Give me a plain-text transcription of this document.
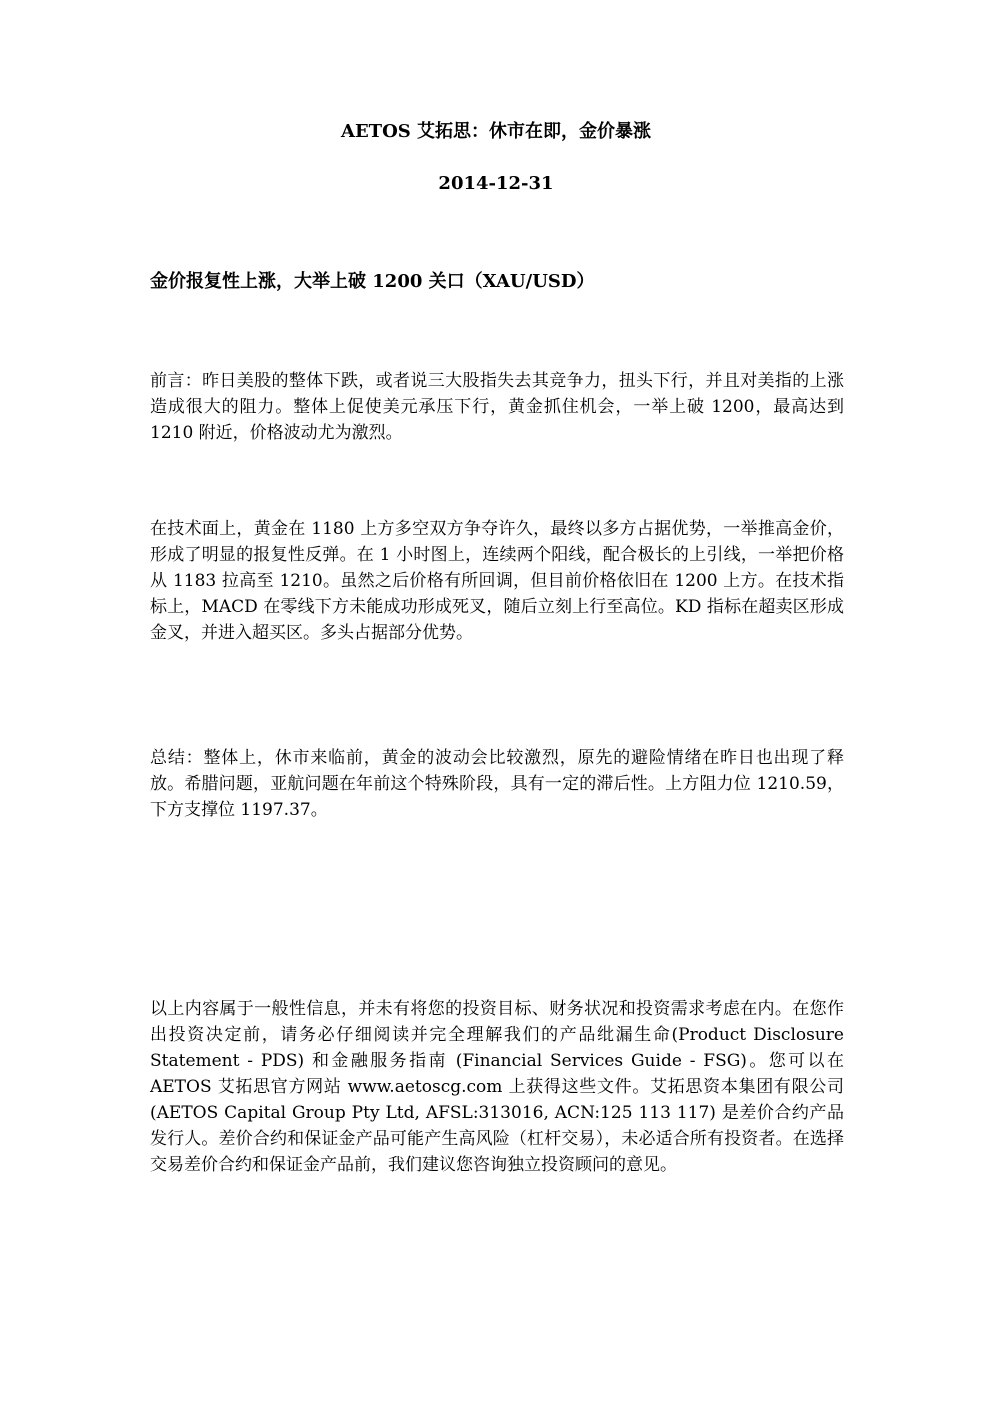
AETOS 艾拓思：休市在即，金价暴涨
2014-12-31
金价报复性上涨，大举上破 1200 关口（XAU/USD）

前言：昨日美股的整体下跌，或者说三大股指失去其竞争力，扭头下行，并且对美指的上涨造成很大的阻力。整体上促使美元承压下行，黄金抓住机会，一举上破 1200，最高达到 1210 附近，价格波动尤为激烈。

在技术面上，黄金在 1180 上方多空双方争夺许久，最终以多方占据优势，一举推高金价，形成了明显的报复性反弹。在 1 小时图上，连续两个阳线，配合极长的上引线，一举把价格从 1183 拉高至 1210。虽然之后价格有所回调，但目前价格依旧在 1200 上方。在技术指标上，MACD 在零线下方未能成功形成死叉，随后立刻上行至高位。KD 指标在超卖区形成金叉，并进入超买区。多头占据部分优势。

总结：整体上，休市来临前，黄金的波动会比较激烈，原先的避险情绪在昨日也出现了释放。希腊问题，亚航问题在年前这个特殊阶段，具有一定的滞后性。上方阻力位 1210.59，下方支撑位 1197.37。

以上内容属于一般性信息，并未有将您的投资目标、财务状况和投资需求考虑在内。在您作出投资决定前，请务必仔细阅读并完全理解我们的产品纰漏生命(Product Disclosure Statement - PDS) 和金融服务指南 (Financial Services Guide - FSG)。您可以在 AETOS 艾拓思官方网站 www.aetoscg.com 上获得这些文件。艾拓思资本集团有限公司(AETOS Capital Group Pty Ltd, AFSL:313016, ACN:125 113 117) 是差价合约产品发行人。差价合约和保证金产品可能产生高风险（杠杆交易），未必适合所有投资者。在选择交易差价合约和保证金产品前，我们建议您咨询独立投资顾问的意见。
